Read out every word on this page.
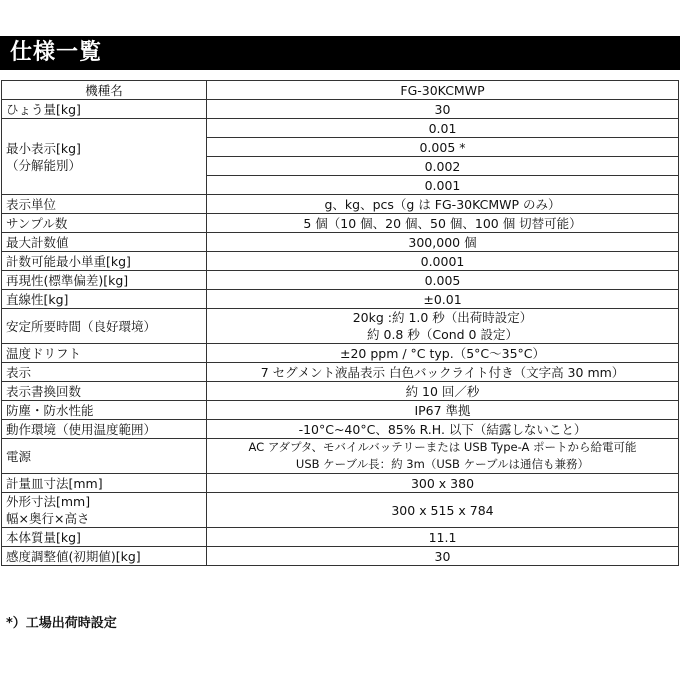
仕様一覧
機種名	FG-30KCMWP
ひょう量[kg]	30

最小表示[kg]
（分解能別）	0.01
	0.005 *
	0.002
	0.001
表示単位	g、kg、pcs（g は FG-30KCMWP のみ）
サンプル数	5 個（10 個、20 個、50 個、100 個 切替可能）
最大計数値	300,000 個
計数可能最小単重[kg]	0.0001
再現性(標準偏差)[kg]	0.005
直線性[kg]	±0.01
安定所要時間（良好環境）	20kg :約 1.0 秒（出荷時設定）
約 0.8 秒（Cond 0 設定）

温度ドリフト	±20 ppm / °C typ.（5°C～35°C）
表示	7 セグメント液晶表示 白色バックライト付き（文字高 30 mm）
表示書換回数	約 10 回／秒
防塵・防水性能	IP67 準拠
動作環境（使用温度範囲）	-10°C~40°C、85% R.H. 以下（結露しないこと）
電源	AC アダプタ、モバイルバッテリーまたは USB Type-A ポートから給電可能
USB ケーブル長：約 3m（USB ケーブルは通信も兼務）

計量皿寸法[mm]	300 x 380

外形寸法[mm]
幅×奥行×高さ	300 x 515 x 784
本体質量[kg]	11.1
感度調整値(初期値)[kg]	30
*）工場出荷時設定
